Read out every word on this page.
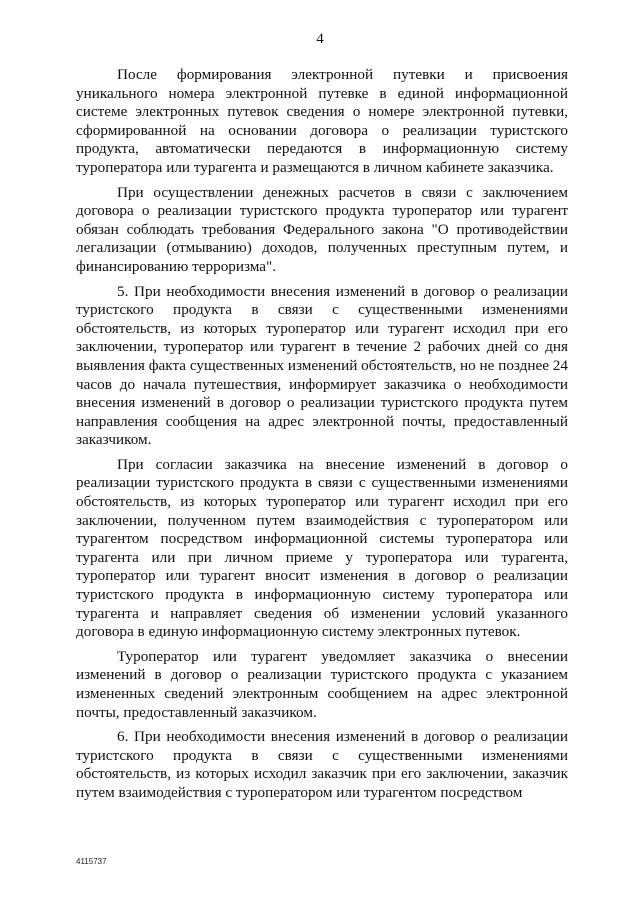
4

После формирования электронной путевки и присвоения уникального номера электронной путевке в единой информационной системе электронных путевок сведения о номере электронной путевки, сформированной на основании договора о реализации туристского продукта, автоматически передаются в информационную систему туроператора или турагента и размещаются в личном кабинете заказчика.

При осуществлении денежных расчетов в связи с заключением договора о реализации туристского продукта туроператор или турагент обязан соблюдать требования Федерального закона "О противодействии легализации (отмыванию) доходов, полученных преступным путем, и финансированию терроризма".

5. При необходимости внесения изменений в договор о реализации туристского продукта в связи с существенными изменениями обстоятельств, из которых туроператор или турагент исходил при его заключении, туроператор или турагент в течение 2 рабочих дней со дня выявления факта существенных изменений обстоятельств, но не позднее 24 часов до начала путешествия, информирует заказчика о необходимости внесения изменений в договор о реализации туристского продукта путем направления сообщения на адрес электронной почты, предоставленный заказчиком.

При согласии заказчика на внесение изменений в договор о реализации туристского продукта в связи с существенными изменениями обстоятельств, из которых туроператор или турагент исходил при его заключении, полученном путем взаимодействия с туроператором или турагентом посредством информационной системы туроператора или турагента или при личном приеме у туроператора или турагента, туроператор или турагент вносит изменения в договор о реализации туристского продукта в информационную систему туроператора или турагента и направляет сведения об изменении условий указанного договора в единую информационную систему электронных путевок.

Туроператор или турагент уведомляет заказчика о внесении изменений в договор о реализации туристского продукта с указанием измененных сведений электронным сообщением на адрес электронной почты, предоставленный заказчиком.

6. При необходимости внесения изменений в договор о реализации туристского продукта в связи с существенными изменениями обстоятельств, из которых исходил заказчик при его заключении, заказчик путем взаимодействия с туроператором или турагентом посредством

4115737
